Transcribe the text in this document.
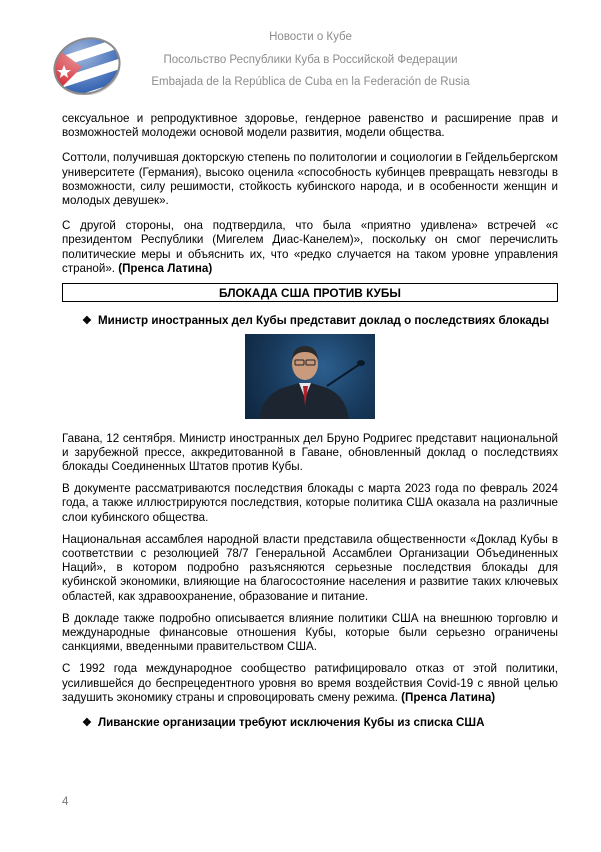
Новости о Кубе
Посольство Республики Куба в Российской Федерации
Embajada de la República de Cuba en la Federación de Rusia

сексуальное и репродуктивное здоровье, гендерное равенство и расширение прав и возможностей молодежи основой модели развития, модели общества.

Соттоли, получившая докторскую степень по политологии и социологии в Гейдельбергском университете (Германия), высоко оценила «способность кубинцев превращать невзгоды в возможности, силу решимости, стойкость кубинского народа, и в особенности женщин и молодых девушек».

С другой стороны, она подтвердила, что была «приятно удивлена» встречей «с президентом Республики (Мигелем Диас-Канелем)», поскольку он смог перечислить политические меры и объяснить их, что «редко случается на таком уровне управления страной». (Пренса Латина)

БЛОКАДА США ПРОТИВ КУБЫ
❖ Министр иностранных дел Кубы представит доклад о последствиях блокады

Гавана, 12 сентября. Министр иностранных дел Бруно Родригес представит национальной и зарубежной прессе, аккредитованной в Гаване, обновленный доклад о последствиях блокады Соединенных Штатов против Кубы.

В документе рассматриваются последствия блокады с марта 2023 года по февраль 2024 года, а также иллюстрируются последствия, которые политика США оказала на различные слои кубинского общества.

Национальная ассамблея народной власти представила общественности «Доклад Кубы в соответствии с резолюцией 78/7 Генеральной Ассамблеи Организации Объединенных Наций», в котором подробно разъясняются серьезные последствия блокады для кубинской экономики, влияющие на благосостояние населения и развитие таких ключевых областей, как здравоохранение, образование и питание.

В докладе также подробно описывается влияние политики США на внешнюю торговлю и международные финансовые отношения Кубы, которые были серьезно ограничены санкциями, введенными правительством США.

С 1992 года международное сообщество ратифицировало отказ от этой политики, усилившейся до беспрецедентного уровня во время воздействия Covid-19 с явной целью задушить экономику страны и спровоцировать смену режима. (Пренса Латина)

❖ Ливанские организации требуют исключения Кубы из списка США
4
